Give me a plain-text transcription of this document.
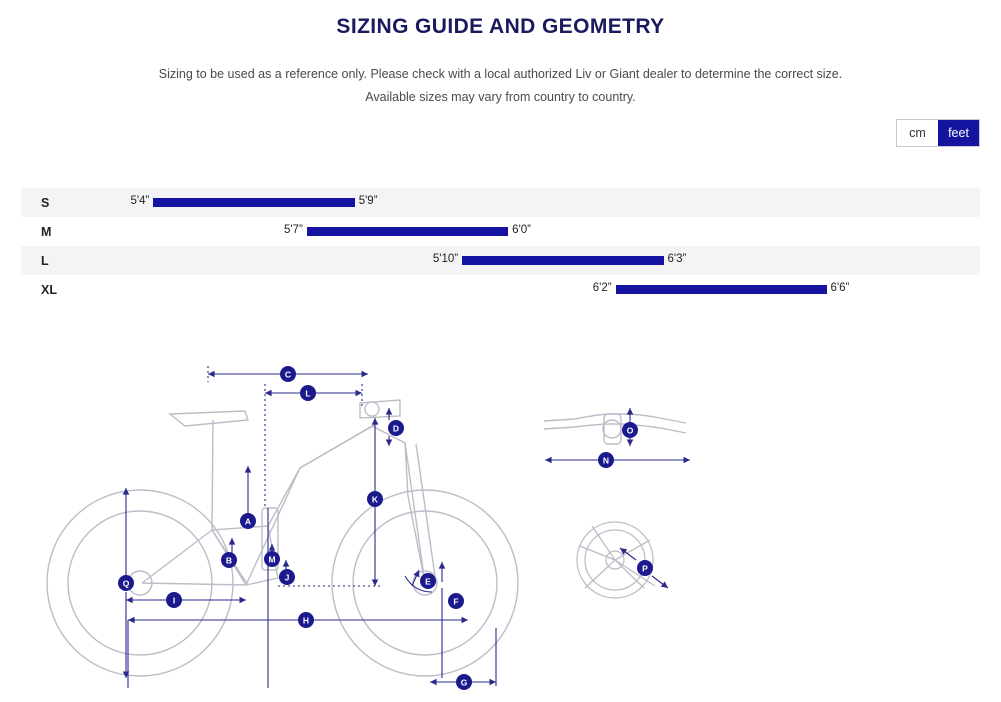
SIZING GUIDE AND GEOMETRY
Sizing to be used as a reference only. Please check with a local authorized Liv or Giant dealer to determine the correct size.
Available sizes may vary from country to country.
cm	feet
S	5'4”	5'9”
M	5'7”	6'0”
L	5'10”	6'3”
XL	6'2”	6'6”
C
L
D
K
A
B	M
J
Q
I
H
E
F
G
N
O
P
